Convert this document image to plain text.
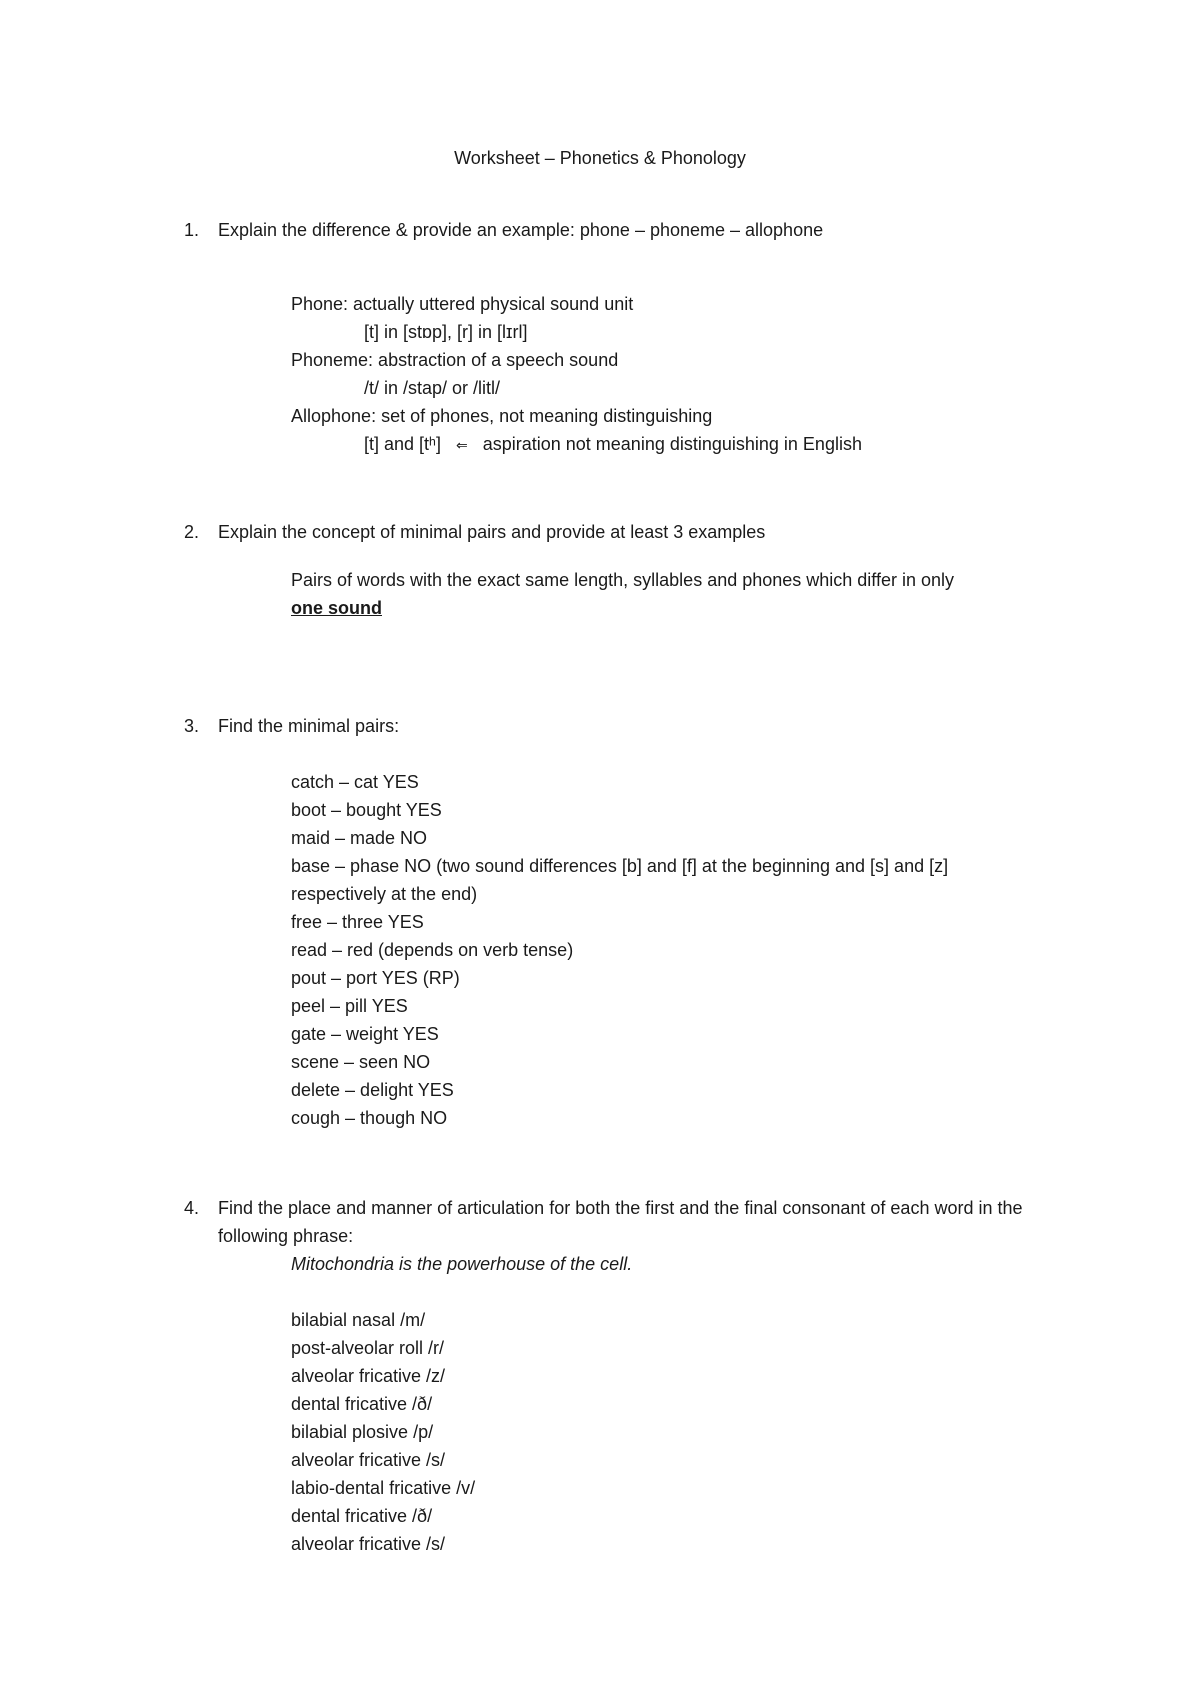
Worksheet – Phonetics & Phonology
1. Explain the difference & provide an example: phone – phoneme – allophone
Phone: actually uttered physical sound unit
[t] in [stɒp], [r] in [lɪrl]
Phoneme: abstraction of a speech sound
/t/ in /stap/ or /litl/
Allophone: set of phones, not meaning distinguishing
[t] and [tʰ] ⇐ aspiration not meaning distinguishing in English
2. Explain the concept of minimal pairs and provide at least 3 examples
Pairs of words with the exact same length, syllables and phones which differ in only
one sound
3. Find the minimal pairs:
catch – cat YES
boot – bought YES
maid – made NO
base – phase NO (two sound differences [b] and [f] at the beginning and [s] and [z]
respectively at the end)
free – three YES
read – red (depends on verb tense)
pout – port YES (RP)
peel – pill YES
gate – weight YES
scene – seen NO
delete – delight YES
cough – though NO
4. Find the place and manner of articulation for both the first and the final consonant of each word in the following phrase:
Mitochondria is the powerhouse of the cell.
bilabial nasal /m/
post-alveolar roll /r/
alveolar fricative /z/
dental fricative /ð/
bilabial plosive /p/
alveolar fricative /s/
labio-dental fricative /v/
dental fricative /ð/
alveolar fricative /s/
